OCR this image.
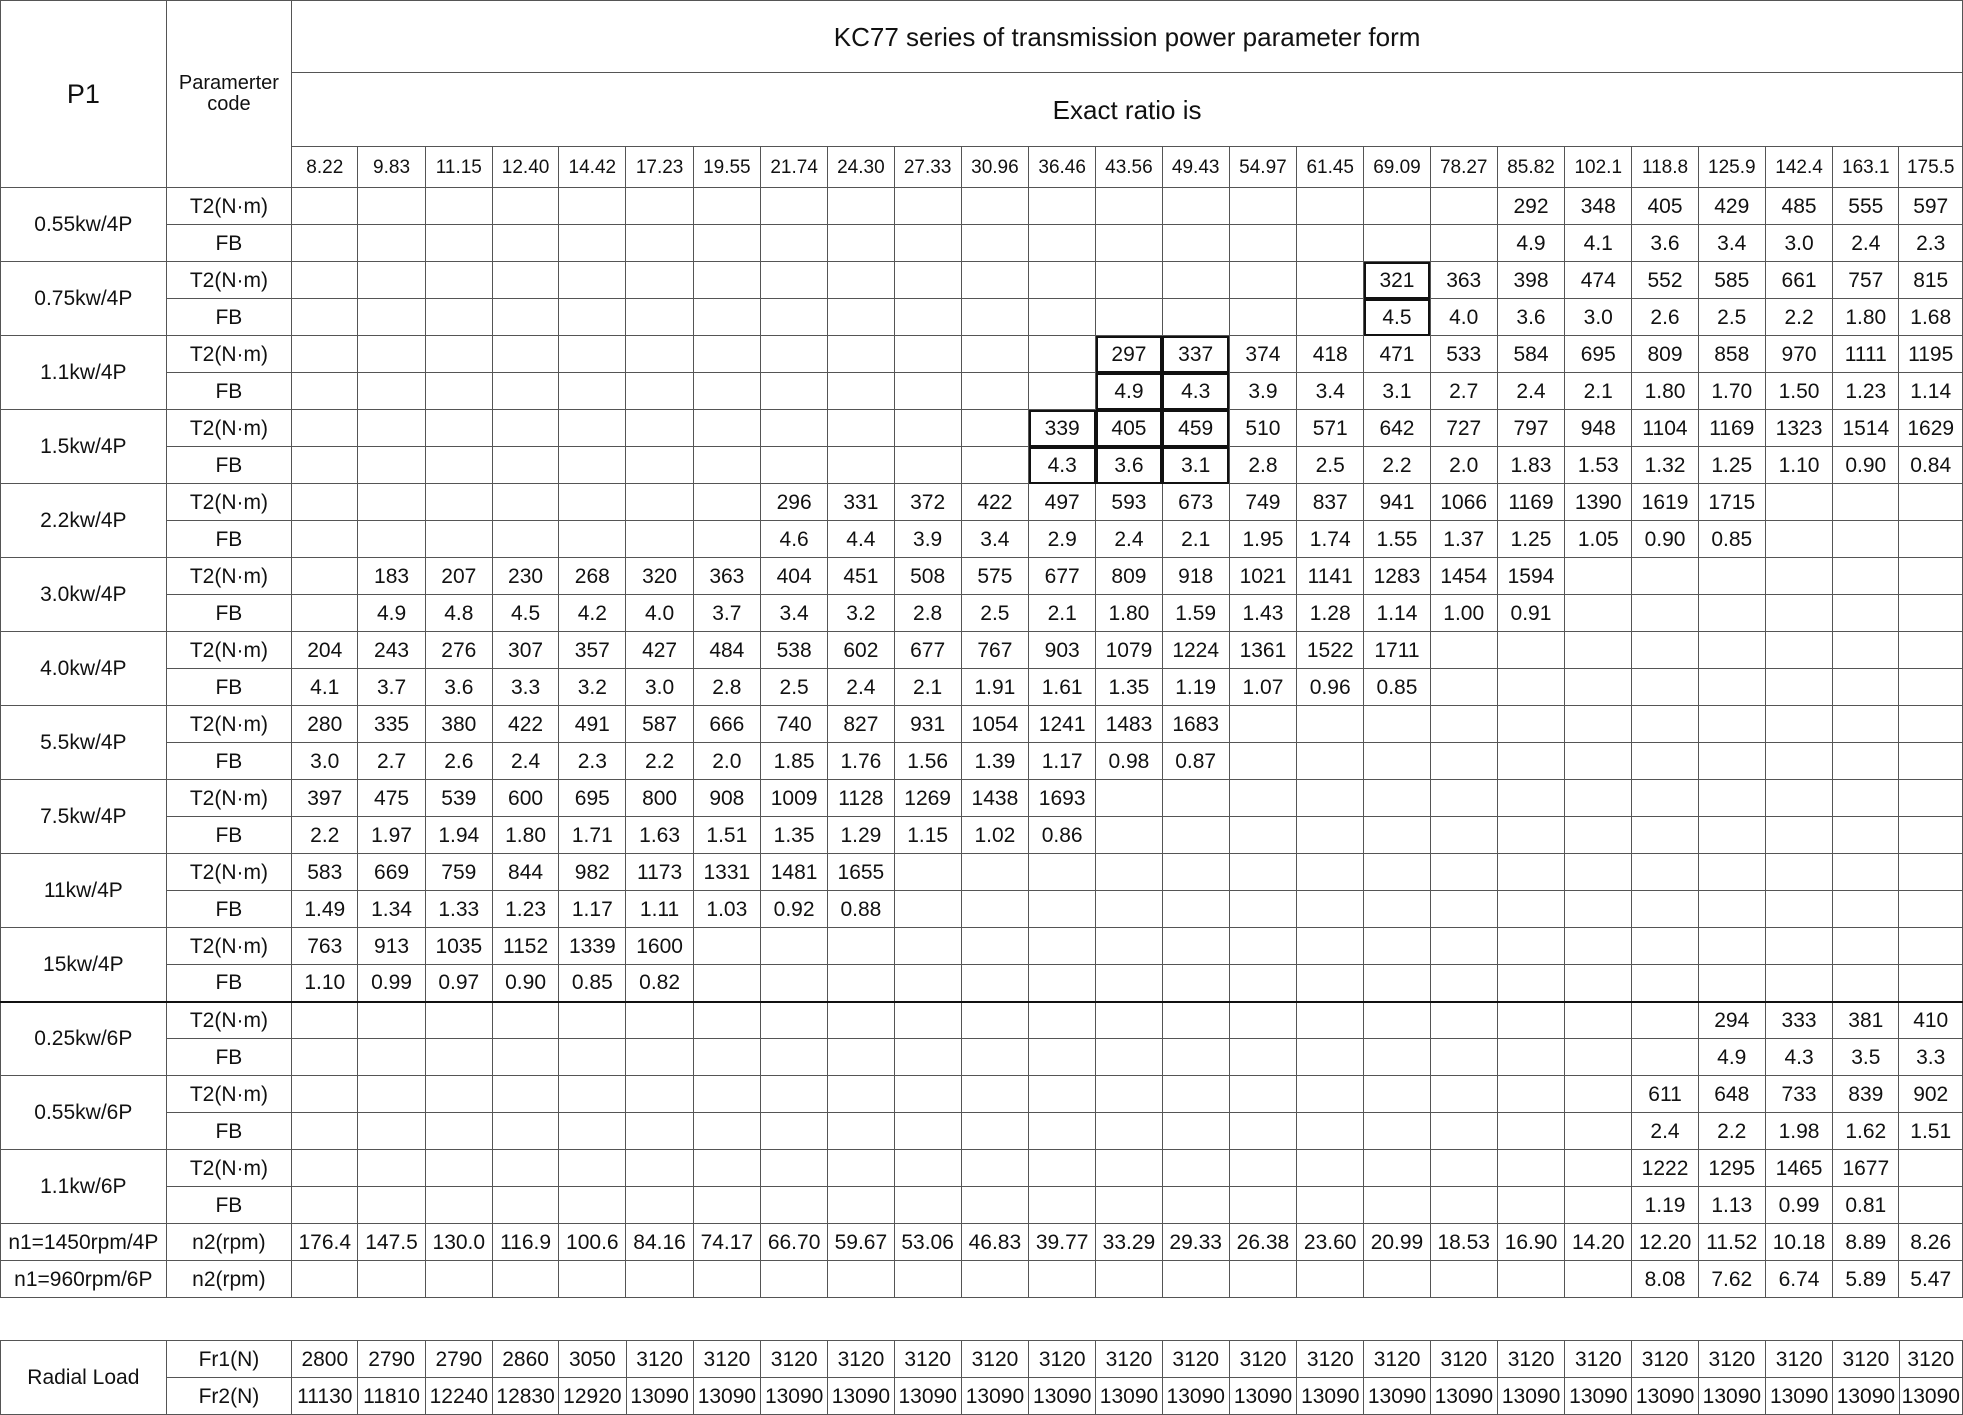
P1	Paramerter code	KC77 series of transmission power parameter form																								
		Exact ratio is																								
		8.22	9.83	11.15	12.40	14.42	17.23	19.55	21.74	24.30	27.33	30.96	36.46	43.56	49.43	54.97	61.45	69.09	78.27	85.82	102.1	118.8	125.9	142.4	163.1	175.5
0.55kw/4P	T2(N·m)																			292	348	405	429	485	555	597
	FB																			4.9	4.1	3.6	3.4	3.0	2.4	2.3
0.75kw/4P	T2(N·m)																	321	363	398	474	552	585	661	757	815
	FB																	4.5	4.0	3.6	3.0	2.6	2.5	2.2	1.80	1.68
1.1kw/4P	T2(N·m)													297	337	374	418	471	533	584	695	809	858	970	1111	1195
	FB													4.9	4.3	3.9	3.4	3.1	2.7	2.4	2.1	1.80	1.70	1.50	1.23	1.14
1.5kw/4P	T2(N·m)												339	405	459	510	571	642	727	797	948	1104	1169	1323	1514	1629
	FB												4.3	3.6	3.1	2.8	2.5	2.2	2.0	1.83	1.53	1.32	1.25	1.10	0.90	0.84
2.2kw/4P	T2(N·m)								296	331	372	422	497	593	673	749	837	941	1066	1169	1390	1619	1715			
	FB								4.6	4.4	3.9	3.4	2.9	2.4	2.1	1.95	1.74	1.55	1.37	1.25	1.05	0.90	0.85			
3.0kw/4P	T2(N·m)		183	207	230	268	320	363	404	451	508	575	677	809	918	1021	1141	1283	1454	1594						
	FB		4.9	4.8	4.5	4.2	4.0	3.7	3.4	3.2	2.8	2.5	2.1	1.80	1.59	1.43	1.28	1.14	1.00	0.91						
4.0kw/4P	T2(N·m)	204	243	276	307	357	427	484	538	602	677	767	903	1079	1224	1361	1522	1711								
	FB	4.1	3.7	3.6	3.3	3.2	3.0	2.8	2.5	2.4	2.1	1.91	1.61	1.35	1.19	1.07	0.96	0.85								
5.5kw/4P	T2(N·m)	280	335	380	422	491	587	666	740	827	931	1054	1241	1483	1683											
	FB	3.0	2.7	2.6	2.4	2.3	2.2	2.0	1.85	1.76	1.56	1.39	1.17	0.98	0.87											
7.5kw/4P	T2(N·m)	397	475	539	600	695	800	908	1009	1128	1269	1438	1693													
	FB	2.2	1.97	1.94	1.80	1.71	1.63	1.51	1.35	1.29	1.15	1.02	0.86													
11kw/4P	T2(N·m)	583	669	759	844	982	1173	1331	1481	1655																
	FB	1.49	1.34	1.33	1.23	1.17	1.11	1.03	0.92	0.88																
15kw/4P	T2(N·m)	763	913	1035	1152	1339	1600																			
	FB	1.10	0.99	0.97	0.90	0.85	0.82																			
0.25kw/6P	T2(N·m)																						294	333	381	410
	FB																						4.9	4.3	3.5	3.3
0.55kw/6P	T2(N·m)																					611	648	733	839	902
	FB																					2.4	2.2	1.98	1.62	1.51
1.1kw/6P	T2(N·m)																					1222	1295	1465	1677	
	FB																					1.19	1.13	0.99	0.81	
n1=1450rpm/4P	n2(rpm)	176.4	147.5	130.0	116.9	100.6	84.16	74.17	66.70	59.67	53.06	46.83	39.77	33.29	29.33	26.38	23.60	20.99	18.53	16.90	14.20	12.20	11.52	10.18	8.89	8.26
n1=960rpm/6P	n2(rpm)																					8.08	7.62	6.74	5.89	5.47
Radial Load	Fr1(N)	2800	2790	2790	2860	3050	3120	3120	3120	3120	3120	3120	3120	3120	3120	3120	3120	3120	3120	3120	3120	3120	3120	3120	3120	3120
	Fr2(N)	11130	11810	12240	12830	12920	13090	13090	13090	13090	13090	13090	13090	13090	13090	13090	13090	13090	13090	13090	13090	13090	13090	13090	13090	13090
